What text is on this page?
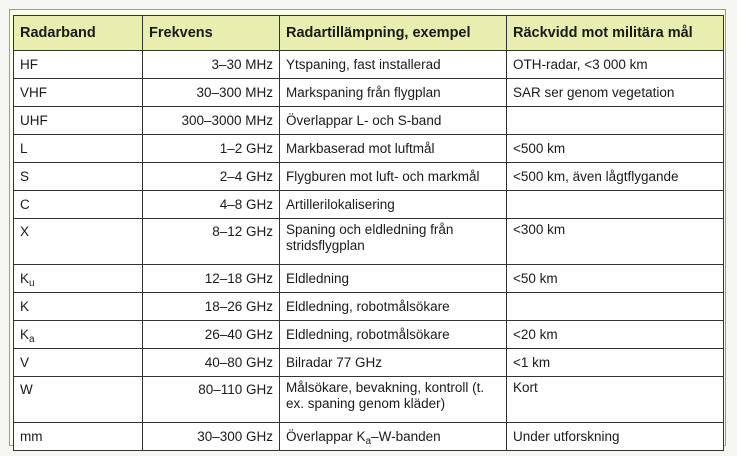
Radarband	Frekvens	Radartillämpning, exempel	Räckvidd mot militära mål
HF	3–30 MHz	Ytspaning, fast installerad	OTH-radar, <3 000 km
VHF	30–300 MHz	Markspaning från flygplan	SAR ser genom vegetation
UHF	300–3000 MHz	Överlappar L- och S-band	
L	1–2 GHz	Markbaserad mot luftmål	<500 km
S	2–4 GHz	Flygburen mot luft- och markmål	<500 km, även lågtflygande
C	4–8 GHz	Artillerilokalisering	
X	8–12 GHz	Spaning och eldledning från stridsflygplan	<300 km
$K_u$	12–18 GHz	Eldledning	<50 km
K	18–26 GHz	Eldledning, robotmålsökare	
$K_a$	26–40 GHz	Eldledning, robotmålsökare	<20 km
V	40–80 GHz	Bilradar 77 GHz	<1 km
W	80–110 GHz	Målsökare, bevakning, kontroll (t. ex. spaning genom kläder)	Kort
mm	30–300 GHz	Överlappar $K_a-W$-banden	Under utforskning
